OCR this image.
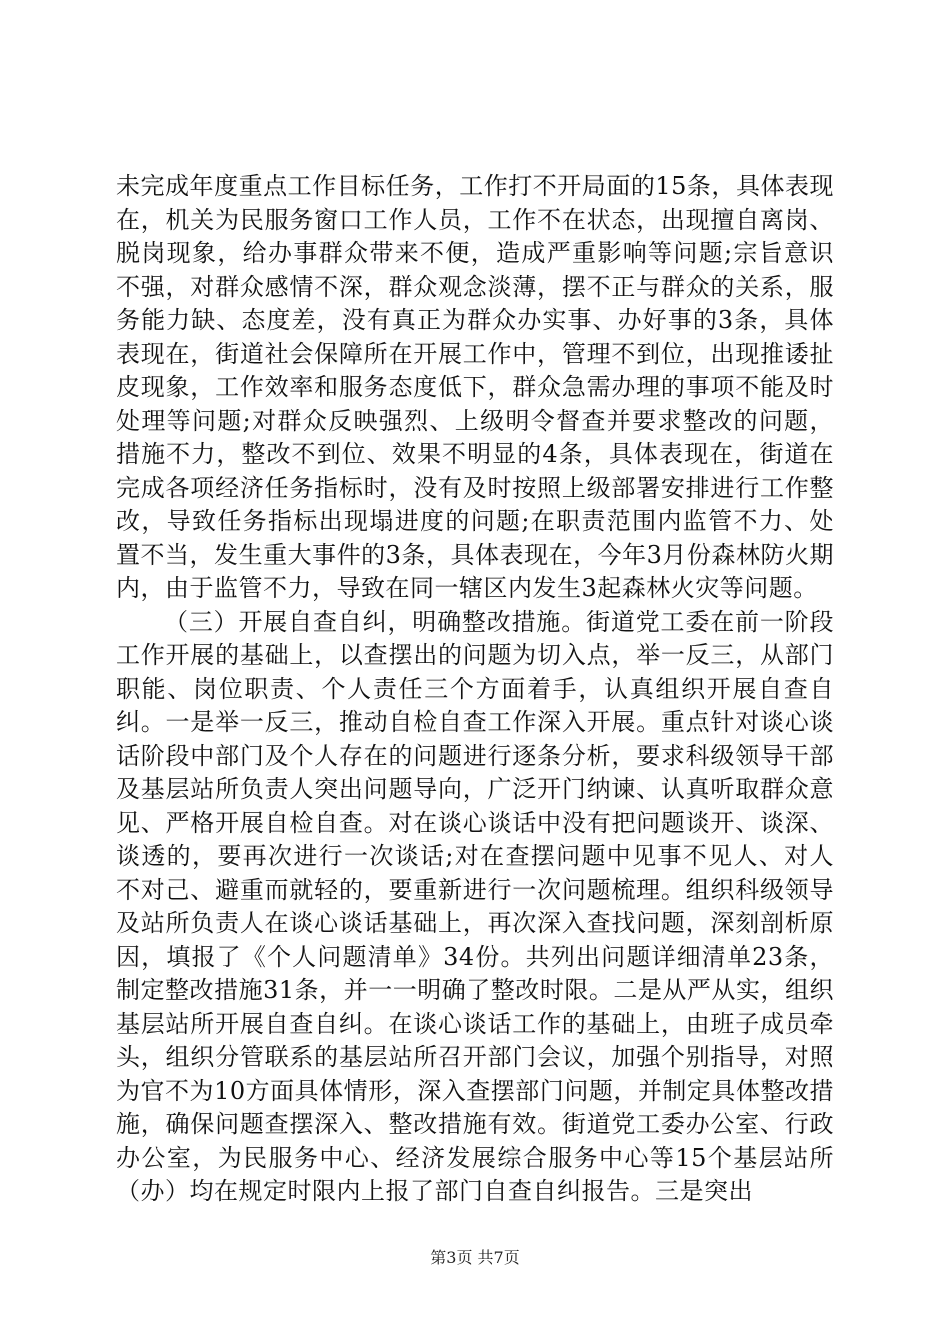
未完成年度重点工作目标任务，工作打不开局面的15条，具体表现在，机关为民服务窗口工作人员，工作不在状态，出现擅自离岗、脱岗现象，给办事群众带来不便，造成严重影响等问题;宗旨意识不强，对群众感情不深，群众观念淡薄，摆不正与群众的关系，服务能力缺、态度差，没有真正为群众办实事、办好事的3条，具体表现在，街道社会保障所在开展工作中，管理不到位，出现推诿扯皮现象，工作效率和服务态度低下，群众急需办理的事项不能及时处理等问题;对群众反映强烈、上级明令督查并要求整改的问题，措施不力，整改不到位、效果不明显的4条，具体表现在，街道在完成各项经济任务指标时，没有及时按照上级部署安排进行工作整改，导致任务指标出现塌进度的问题;在职责范围内监管不力、处置不当，发生重大事件的3条，具体表现在，今年3月份森林防火期内，由于监管不力，导致在同一辖区内发生3起森林火灾等问题。

（三）开展自查自纠，明确整改措施。街道党工委在前一阶段工作开展的基础上，以查摆出的问题为切入点，举一反三，从部门职能、岗位职责、个人责任三个方面着手，认真组织开展自查自纠。一是举一反三，推动自检自查工作深入开展。重点针对谈心谈话阶段中部门及个人存在的问题进行逐条分析，要求科级领导干部及基层站所负责人突出问题导向，广泛开门纳谏、认真听取群众意见、严格开展自检自查。对在谈心谈话中没有把问题谈开、谈深、谈透的，要再次进行一次谈话;对在查摆问题中见事不见人、对人不对己、避重而就轻的，要重新进行一次问题梳理。组织科级领导及站所负责人在谈心谈话基础上，再次深入查找问题，深刻剖析原因，填报了《个人问题清单》34份。共列出问题详细清单23条，制定整改措施31条，并一一明确了整改时限。二是从严从实，组织基层站所开展自查自纠。在谈心谈话工作的基础上，由班子成员牵头，组织分管联系的基层站所召开部门会议，加强个别指导，对照为官不为10方面具体情形，深入查摆部门问题，并制定具体整改措施，确保问题查摆深入、整改措施有效。街道党工委办公室、行政办公室，为民服务中心、经济发展综合服务中心等15个基层站所（办）均在规定时限内上报了部门自查自纠报告。三是突出

第3页 共7页
